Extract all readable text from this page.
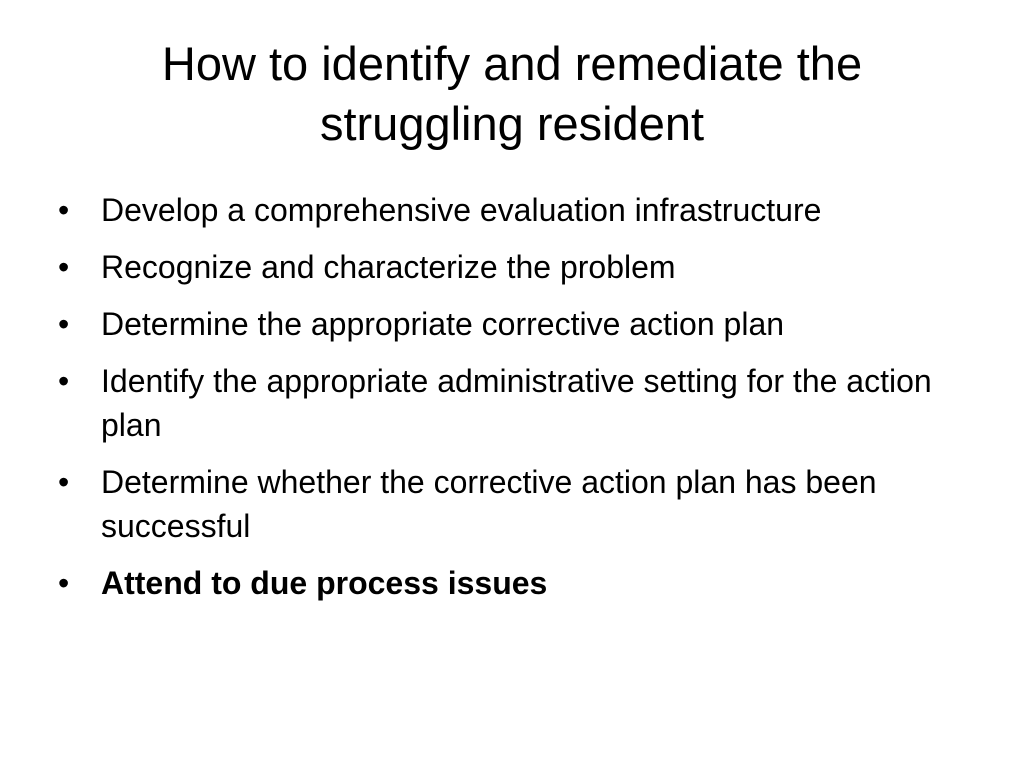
How to identify and remediate the struggling resident
• Develop a comprehensive evaluation infrastructure
• Recognize and characterize the problem
• Determine the appropriate corrective action plan
• Identify the appropriate administrative setting for the action plan
• Determine whether the corrective action plan has been successful
• Attend to due process issues
